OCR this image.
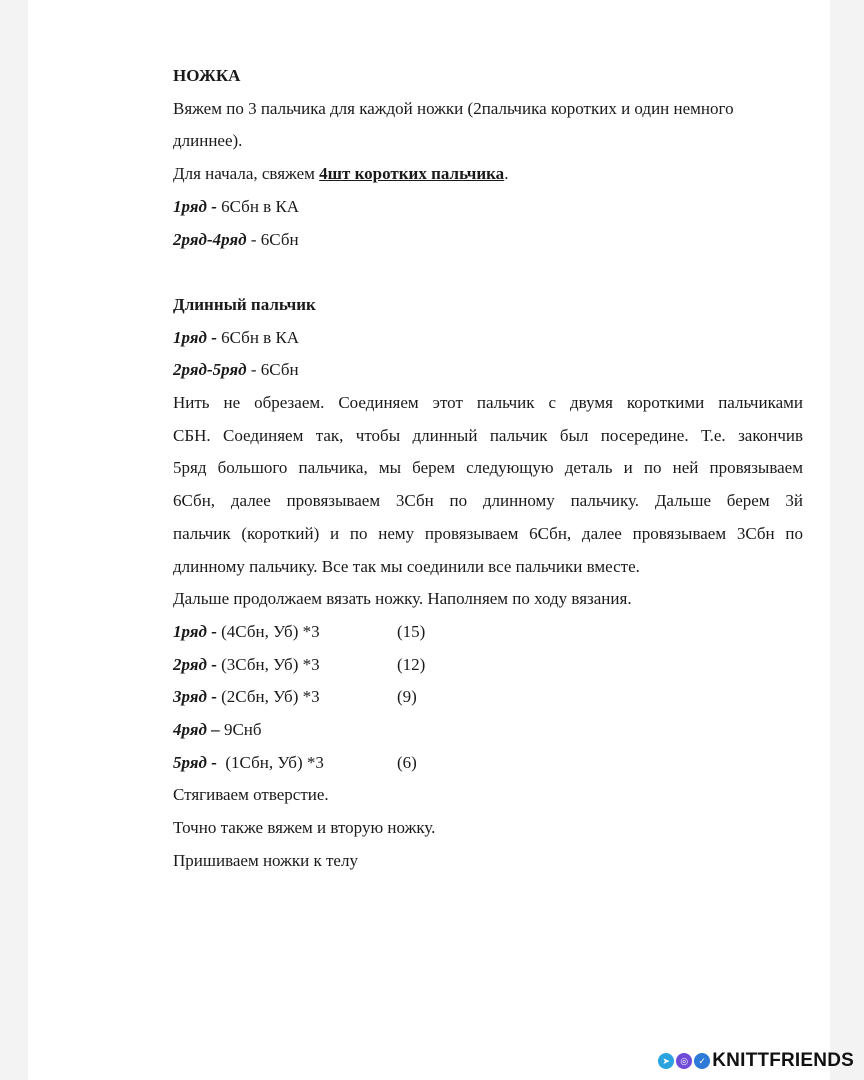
НОЖКА
Вяжем по 3 пальчика для каждой ножки (2пальчика коротких и один немного
длиннее).
Для начала, свяжем 4шт коротких пальчика.
1ряд - 6Сбн в КА
2ряд-4ряд - 6Сбн
Длинный пальчик
1ряд - 6Сбн в КА
2ряд-5ряд - 6Сбн
Нить не обрезаем. Соединяем этот пальчик с двумя короткими пальчиками
СБН. Соединяем так, чтобы длинный пальчик был посередине. Т.е. закончив
5ряд большого пальчика, мы берем следующую деталь и по ней провязываем
6Сбн, далее провязываем 3Сбн по длинному пальчику. Дальше берем 3й
пальчик (короткий) и по нему провязываем 6Сбн, далее провязываем 3Сбн по
длинному пальчику. Все так мы соединили все пальчики вместе.
Дальше продолжаем вязать ножку. Наполняем по ходу вязания.
1ряд - (4Сбн, Уб) *3	(15)
2ряд - (3Сбн, Уб) *3	(12)
3ряд - (2Сбн, Уб) *3	(9)
4ряд – 9Снб
5ряд -  (1Сбн, Уб) *3	(6)
Стягиваем отверстие.
Точно также вяжем и вторую ножку.
Пришиваем ножки к телу
➤	◎	✓ KNITTFRIENDS
